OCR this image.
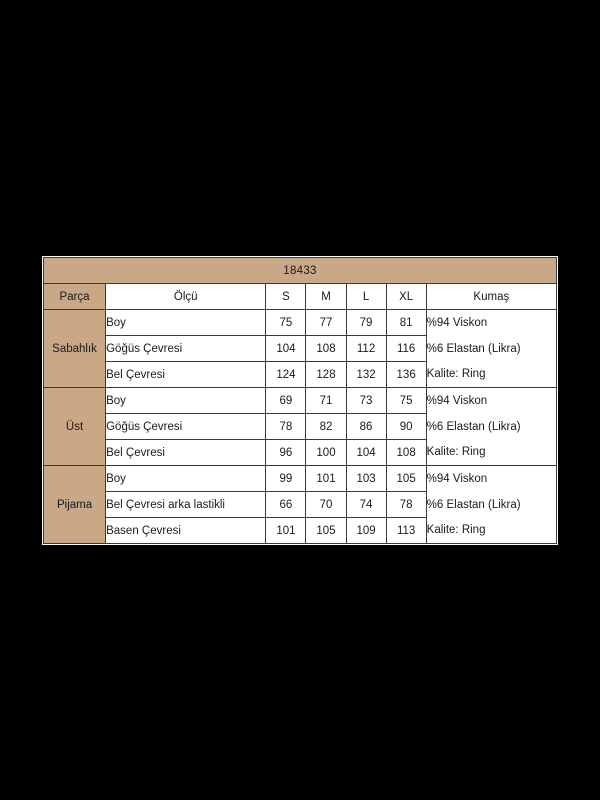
18433						
Parça	Ölçü	S	M	L	XL	Kumaş
Sabahlık	Boy	75	77	79	81	%94 Viskon
	Göğüs Çevresi	104	108	112	116	%6 Elastan (Likra)
	Bel Çevresi	124	128	132	136	Kalite: Ring
Üst	Boy	69	71	73	75	%94 Viskon
	Göğüs Çevresi	78	82	86	90	%6 Elastan (Likra)
	Bel Çevresi	96	100	104	108	Kalite: Ring
Pijama	Boy	99	101	103	105	%94 Viskon
	Bel Çevresi arka lastikli	66	70	74	78	%6 Elastan (Likra)
	Basen Çevresi	101	105	109	113	Kalite: Ring
